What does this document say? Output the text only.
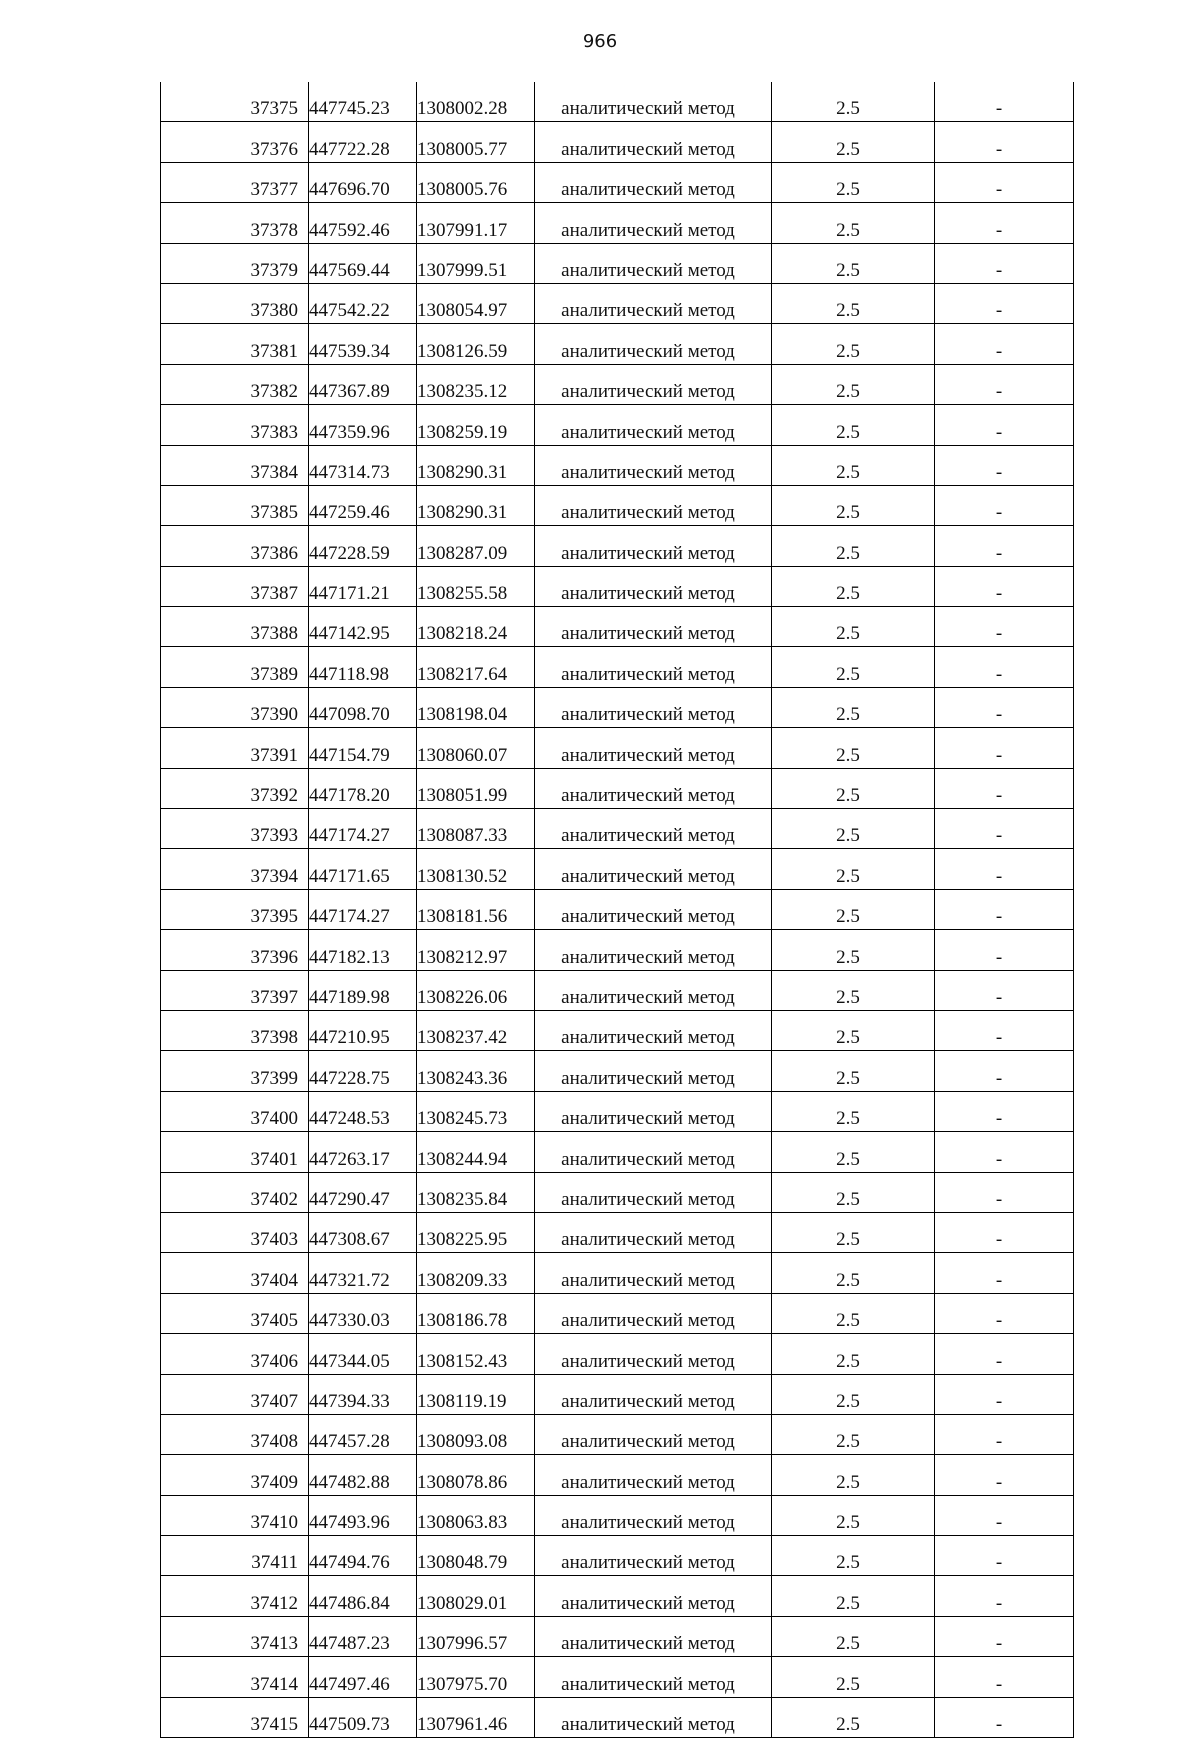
966
37375	447745.23	1308002.28	аналитический метод	2.5	-
37376	447722.28	1308005.77	аналитический метод	2.5	-
37377	447696.70	1308005.76	аналитический метод	2.5	-
37378	447592.46	1307991.17	аналитический метод	2.5	-
37379	447569.44	1307999.51	аналитический метод	2.5	-
37380	447542.22	1308054.97	аналитический метод	2.5	-
37381	447539.34	1308126.59	аналитический метод	2.5	-
37382	447367.89	1308235.12	аналитический метод	2.5	-
37383	447359.96	1308259.19	аналитический метод	2.5	-
37384	447314.73	1308290.31	аналитический метод	2.5	-
37385	447259.46	1308290.31	аналитический метод	2.5	-
37386	447228.59	1308287.09	аналитический метод	2.5	-
37387	447171.21	1308255.58	аналитический метод	2.5	-
37388	447142.95	1308218.24	аналитический метод	2.5	-
37389	447118.98	1308217.64	аналитический метод	2.5	-
37390	447098.70	1308198.04	аналитический метод	2.5	-
37391	447154.79	1308060.07	аналитический метод	2.5	-
37392	447178.20	1308051.99	аналитический метод	2.5	-
37393	447174.27	1308087.33	аналитический метод	2.5	-
37394	447171.65	1308130.52	аналитический метод	2.5	-
37395	447174.27	1308181.56	аналитический метод	2.5	-
37396	447182.13	1308212.97	аналитический метод	2.5	-
37397	447189.98	1308226.06	аналитический метод	2.5	-
37398	447210.95	1308237.42	аналитический метод	2.5	-
37399	447228.75	1308243.36	аналитический метод	2.5	-
37400	447248.53	1308245.73	аналитический метод	2.5	-
37401	447263.17	1308244.94	аналитический метод	2.5	-
37402	447290.47	1308235.84	аналитический метод	2.5	-
37403	447308.67	1308225.95	аналитический метод	2.5	-
37404	447321.72	1308209.33	аналитический метод	2.5	-
37405	447330.03	1308186.78	аналитический метод	2.5	-
37406	447344.05	1308152.43	аналитический метод	2.5	-
37407	447394.33	1308119.19	аналитический метод	2.5	-
37408	447457.28	1308093.08	аналитический метод	2.5	-
37409	447482.88	1308078.86	аналитический метод	2.5	-
37410	447493.96	1308063.83	аналитический метод	2.5	-
37411	447494.76	1308048.79	аналитический метод	2.5	-
37412	447486.84	1308029.01	аналитический метод	2.5	-
37413	447487.23	1307996.57	аналитический метод	2.5	-
37414	447497.46	1307975.70	аналитический метод	2.5	-
37415	447509.73	1307961.46	аналитический метод	2.5	-
